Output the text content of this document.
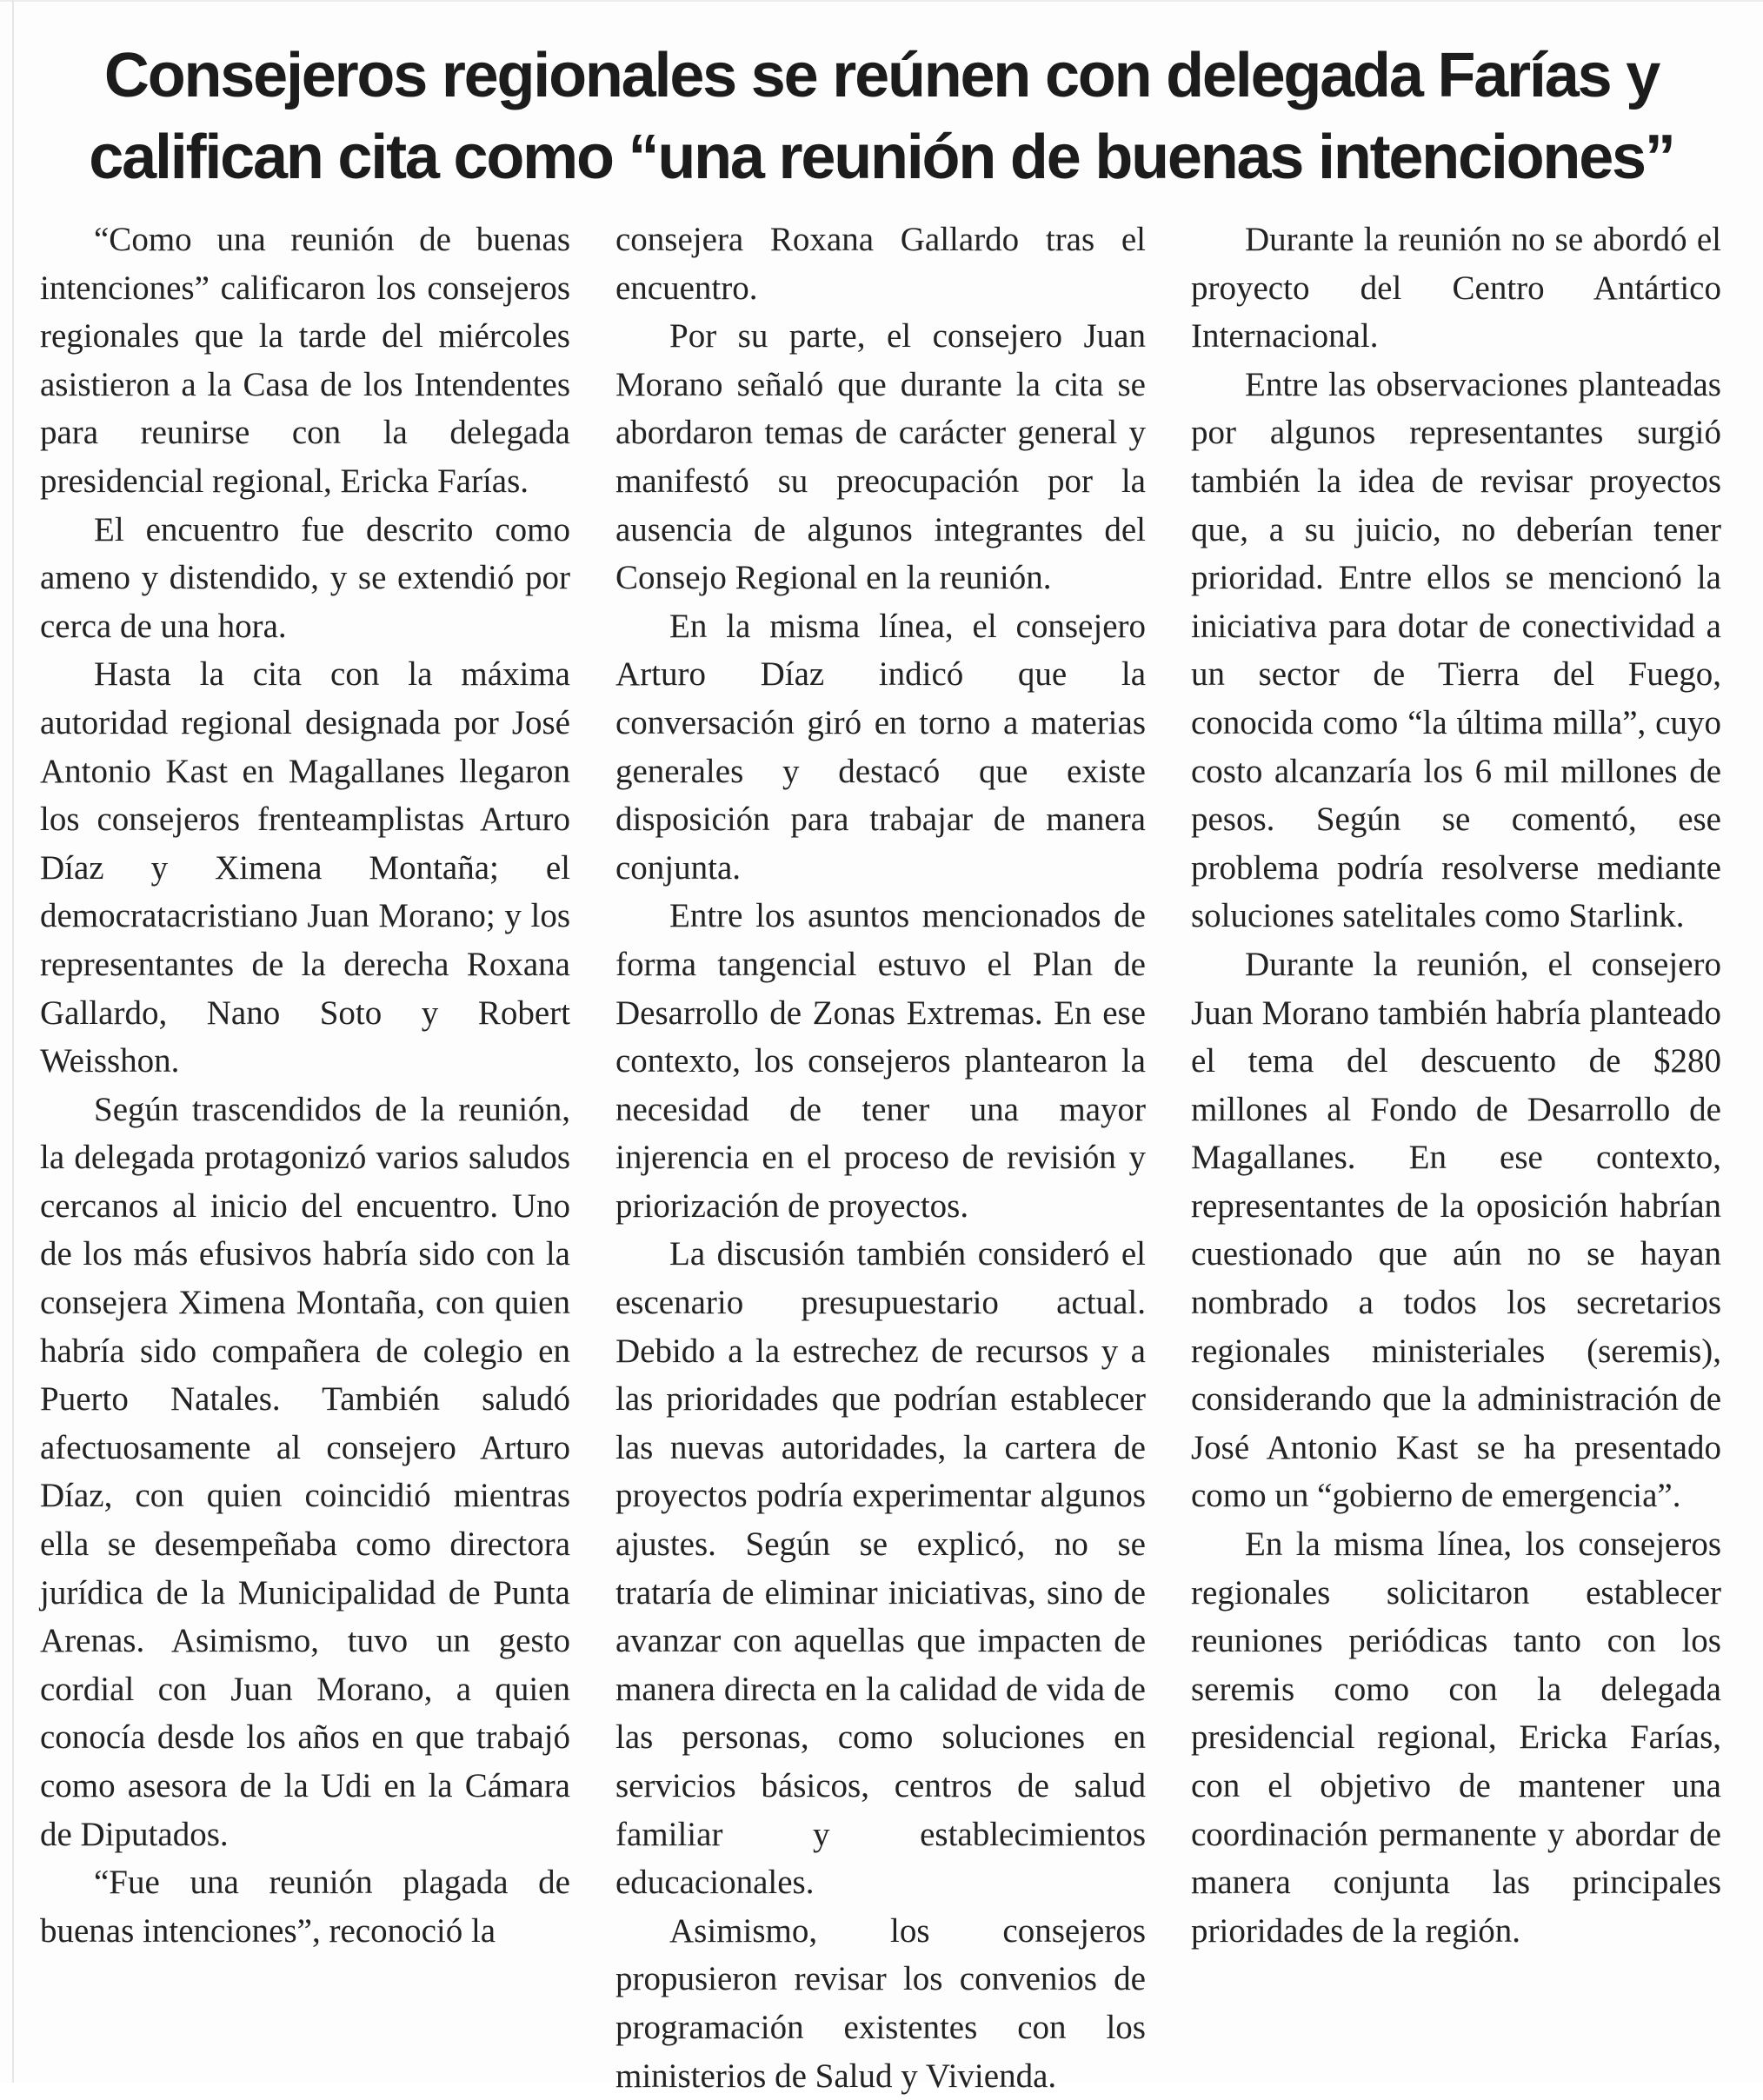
Consejeros regionales se reúnen con delegada Farías y
califican cita como “una reunión de buenas intenciones”

“Como una reunión de buenas intenciones” calificaron los consejeros regionales que la tarde del miércoles asistieron a la Casa de los Intendentes para reunirse con la delegada presidencial regional, Ericka Farías.

El encuentro fue descrito como ameno y distendido, y se extendió por cerca de una hora.

Hasta la cita con la máxima autoridad regional designada por José Antonio Kast en Magallanes llegaron los consejeros frenteamplistas Arturo Díaz y Ximena Montaña; el democratacristiano Juan Morano; y los representantes de la derecha Roxana Gallardo, Nano Soto y Robert Weisshon.

Según trascendidos de la reunión, la delegada protagonizó varios saludos cercanos al inicio del encuentro. Uno de los más efusivos habría sido con la consejera Ximena Montaña, con quien habría sido compañera de colegio en Puerto Natales. También saludó afectuosamente al consejero Arturo Díaz, con quien coincidió mientras ella se desempeñaba como directora jurídica de la Municipalidad de Punta Arenas. Asimismo, tuvo un gesto cordial con Juan Morano, a quien conocía desde los años en que trabajó como asesora de la Udi en la Cámara de Diputados.

“Fue una reunión plagada de buenas intenciones”, reconoció la

consejera Roxana Gallardo tras el encuentro.

Por su parte, el consejero Juan Morano señaló que durante la cita se abordaron temas de carácter general y manifestó su preocupación por la ausencia de algunos integrantes del Consejo Regional en la reunión.

En la misma línea, el consejero Arturo Díaz indicó que la conversación giró en torno a materias generales y destacó que existe disposición para trabajar de manera conjunta.

Entre los asuntos mencionados de forma tangencial estuvo el Plan de Desarrollo de Zonas Extremas. En ese contexto, los consejeros plantearon la necesidad de tener una mayor injerencia en el proceso de revisión y priorización de proyectos.

La discusión también consideró el escenario presupuestario actual. Debido a la estrechez de recursos y a las prioridades que podrían establecer las nuevas autoridades, la cartera de proyectos podría experimentar algunos ajustes. Según se explicó, no se trataría de eliminar iniciativas, sino de avanzar con aquellas que impacten de manera directa en la calidad de vida de las personas, como soluciones en servicios básicos, centros de salud familiar y establecimientos educacionales.

Asimismo, los consejeros propusieron revisar los convenios de programación existentes con los ministerios de Salud y Vivienda.

Durante la reunión no se abordó el proyecto del Centro Antártico Internacional.

Entre las observaciones planteadas por algunos representantes surgió también la idea de revisar proyectos que, a su juicio, no deberían tener prioridad. Entre ellos se mencionó la iniciativa para dotar de conectividad a un sector de Tierra del Fuego, conocida como “la última milla”, cuyo costo alcanzaría los 6 mil millones de pesos. Según se comentó, ese problema podría resolverse mediante soluciones satelitales como Starlink.

Durante la reunión, el consejero Juan Morano también habría planteado el tema del descuento de $280 millones al Fondo de Desarrollo de Magallanes. En ese contexto, representantes de la oposición habrían cuestionado que aún no se hayan nombrado a todos los secretarios regionales ministeriales (seremis), considerando que la administración de José Antonio Kast se ha presentado como un “gobierno de emergencia”.

En la misma línea, los consejeros regionales solicitaron establecer reuniones periódicas tanto con los seremis como con la delegada presidencial regional, Ericka Farías, con el objetivo de mantener una coordinación permanente y abordar de manera conjunta las principales prioridades de la región.
